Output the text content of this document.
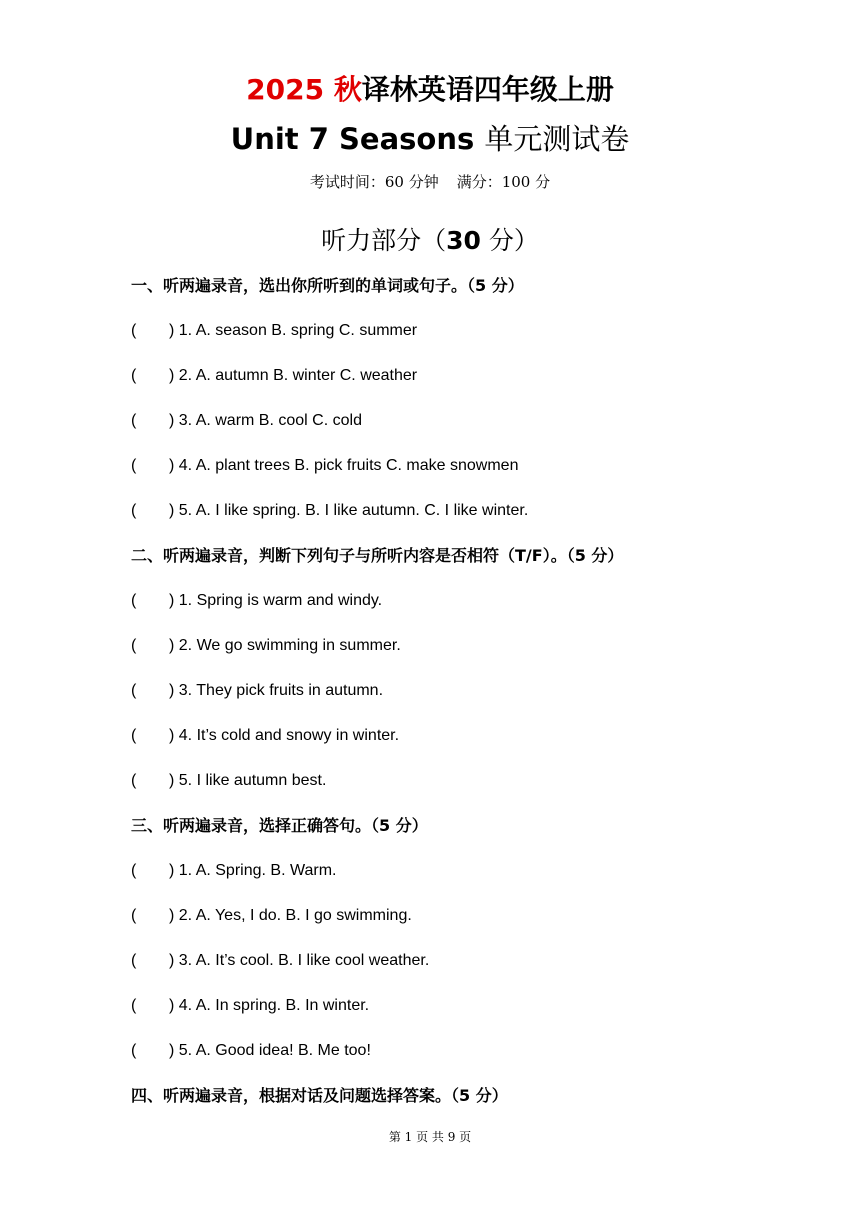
2025 秋译林英语四年级上册
Unit 7 Seasons 单元测试卷
考试时间：60 分钟 满分：100 分
听力部分（30 分）
一、听两遍录音，选出你所听到的单词或句子。（5 分）
( ) 1. A. season B. spring C. summer
( ) 2. A. autumn B. winter C. weather
( ) 3. A. warm B. cool C. cold
( ) 4. A. plant trees B. pick fruits C. make snowmen
( ) 5. A. I like spring. B. I like autumn. C. I like winter.
二、听两遍录音，判断下列句子与所听内容是否相符（T/F）。（5 分）
( ) 1. Spring is warm and windy.
( ) 2. We go swimming in summer.
( ) 3. They pick fruits in autumn.
( ) 4. It’s cold and snowy in winter.
( ) 5. I like autumn best.
三、听两遍录音，选择正确答句。（5 分）
( ) 1. A. Spring. B. Warm.
( ) 2. A. Yes, I do. B. I go swimming.
( ) 3. A. It’s cool. B. I like cool weather.
( ) 4. A. In spring. B. In winter.
( ) 5. A. Good idea! B. Me too!
四、听两遍录音，根据对话及问题选择答案。（5 分）
第 1 页 共 9 页
